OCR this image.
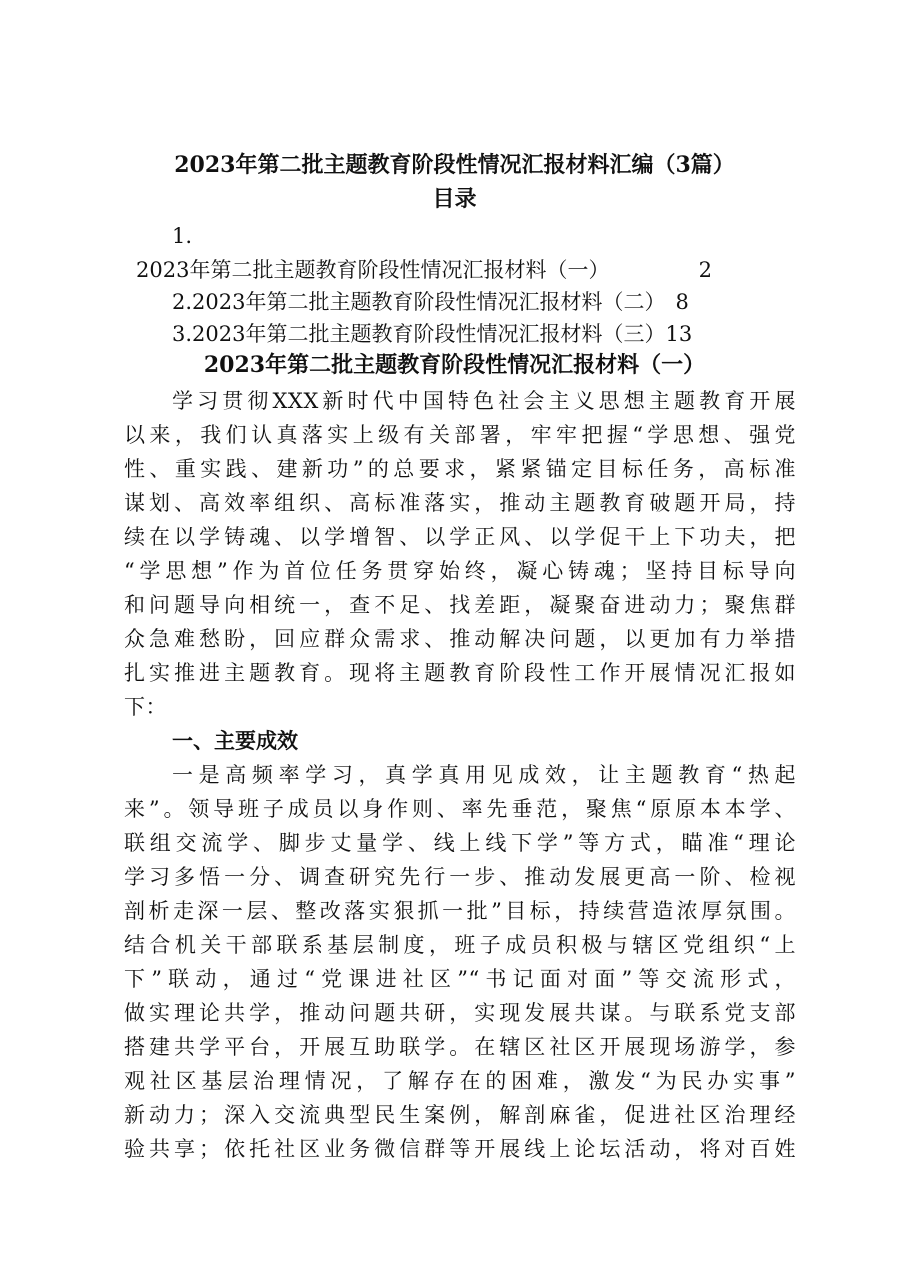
2023年第二批主题教育阶段性情况汇报材料汇编（3篇）
目录
1.
2023年第二批主题教育阶段性情况汇报材料（一）	2
2.2023年第二批主题教育阶段性情况汇报材料（二） 8
3.2023年第二批主题教育阶段性情况汇报材料（三）13
2023年第二批主题教育阶段性情况汇报材料（一）
学习贯彻XXX新时代中国特色社会主义思想主题教育开展
以来，我们认真落实上级有关部署，牢牢把握“学思想、强党
性、重实践、建新功”的总要求，紧紧锚定目标任务，高标准
谋划、高效率组织、高标准落实，推动主题教育破题开局，持
续在以学铸魂、以学增智、以学正风、以学促干上下功夫，把
“学思想”作为首位任务贯穿始终，凝心铸魂；坚持目标导向
和问题导向相统一，查不足、找差距，凝聚奋进动力；聚焦群
众急难愁盼，回应群众需求、推动解决问题，以更加有力举措
扎实推进主题教育。现将主题教育阶段性工作开展情况汇报如
下：
一、主要成效
一是高频率学习，真学真用见成效，让主题教育“热起
来”。领导班子成员以身作则、率先垂范，聚焦“原原本本学、
联组交流学、脚步丈量学、线上线下学”等方式，瞄准“理论
学习多悟一分、调查研究先行一步、推动发展更高一阶、检视
剖析走深一层、整改落实狠抓一批”目标，持续营造浓厚氛围。
结合机关干部联系基层制度，班子成员积极与辖区党组织“上
下”联动，通过“党课进社区”“书记面对面”等交流形式，
做实理论共学，推动问题共研，实现发展共谋。与联系党支部
搭建共学平台，开展互助联学。在辖区社区开展现场游学，参
观社区基层治理情况，了解存在的困难，激发“为民办实事”
新动力；深入交流典型民生案例，解剖麻雀，促进社区治理经
验共享；依托社区业务微信群等开展线上论坛活动，将对百姓
